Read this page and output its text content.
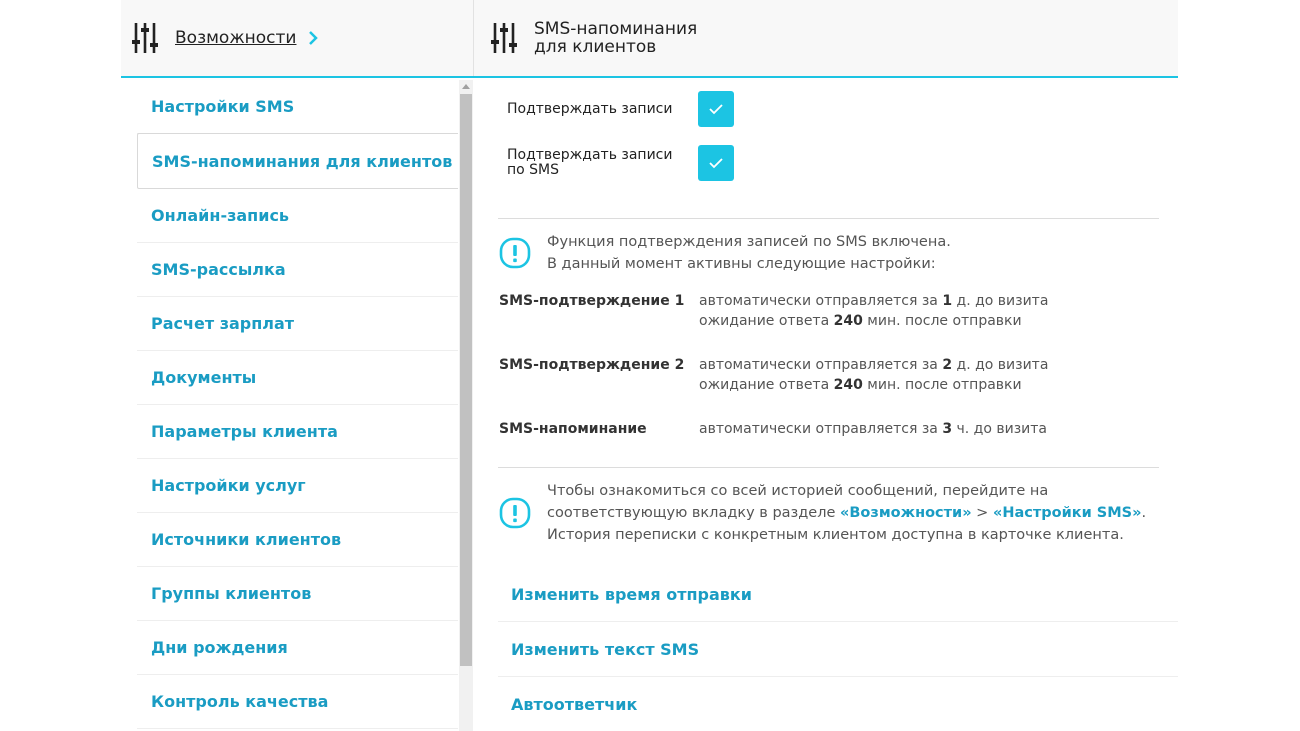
Возможности	SMS-напоминания
для клиентов
Настройки SMS
SMS-напоминания для клиентов
Онлайн-запись
SMS-рассылка
Расчет зарплат
Документы
Параметры клиента
Настройки услуг
Источники клиентов
Группы клиентов
Дни рождения
Контроль качества
Подтверждать записи
Подтверждать записи
по SMS
Функция подтверждения записей по SMS включена.
В данный момент активны следующие настройки:
SMS-подтверждение 1 автоматически отправляется за 1 д. до визита
ожидание ответа 240 мин. после отправки
SMS-подтверждение 2 автоматически отправляется за 2 д. до визита
ожидание ответа 240 мин. после отправки
SMS-напоминание	автоматически отправляется за 3 ч. до визита
Чтобы ознакомиться со всей историей сообщений, перейдите на
соответствующую вкладку в разделе «Возможности» > «Настройки SMS».
История переписки с конкретным клиентом доступна в карточке клиента.
Изменить время отправки
Изменить текст SMS
Автоответчик
